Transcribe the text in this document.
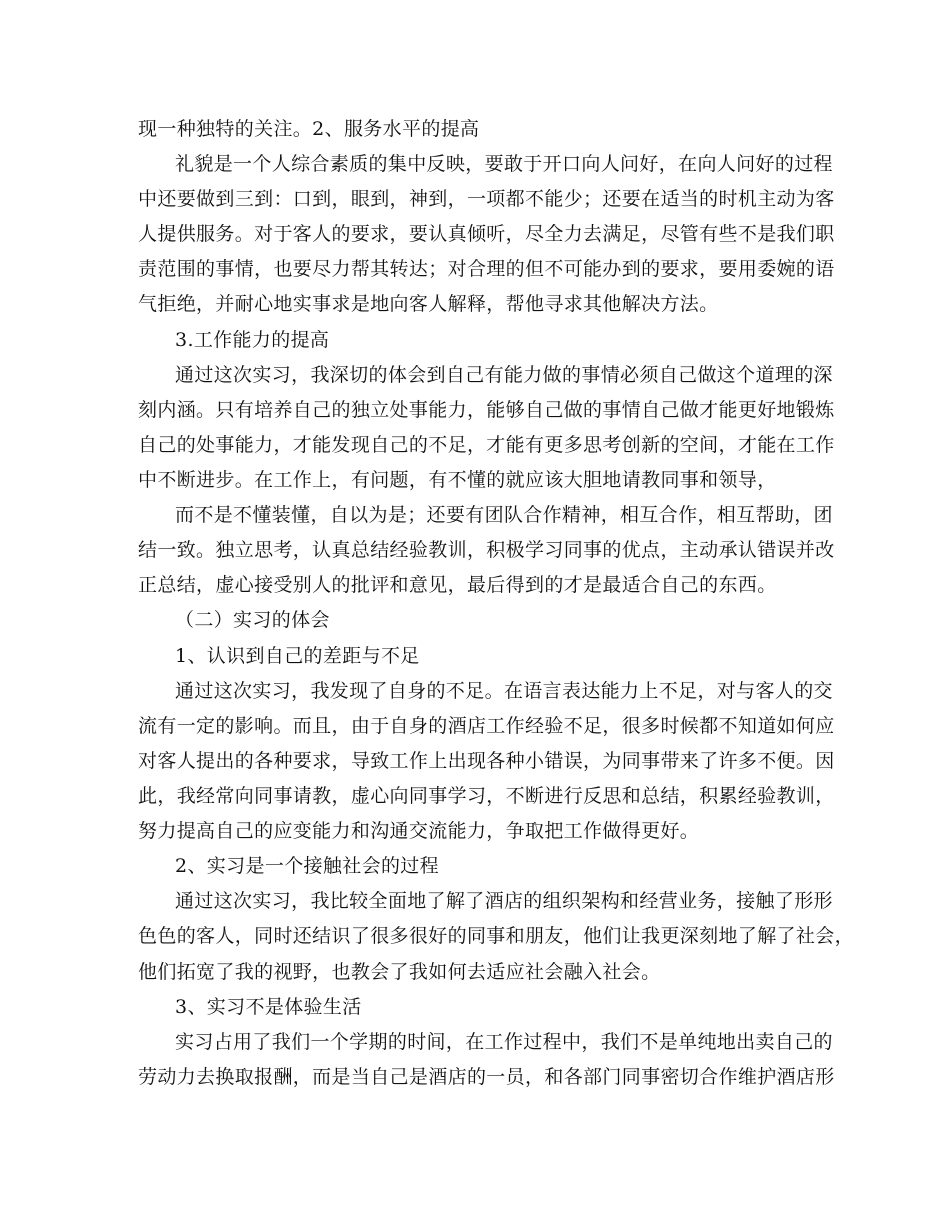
现一种独特的关注。2、服务水平的提高
礼貌是一个人综合素质的集中反映，要敢于开口向人问好，在向人问好的过程
中还要做到三到：口到，眼到，神到，一项都不能少；还要在适当的时机主动为客
人提供服务。对于客人的要求，要认真倾听，尽全力去满足，尽管有些不是我们职
责范围的事情，也要尽力帮其转达；对合理的但不可能办到的要求，要用委婉的语
气拒绝，并耐心地实事求是地向客人解释，帮他寻求其他解决方法。
3.工作能力的提高
通过这次实习，我深切的体会到自己有能力做的事情必须自己做这个道理的深
刻内涵。只有培养自己的独立处事能力，能够自己做的事情自己做才能更好地锻炼
自己的处事能力，才能发现自己的不足，才能有更多思考创新的空间，才能在工作
中不断进步。在工作上，有问题，有不懂的就应该大胆地请教同事和领导，
而不是不懂装懂，自以为是；还要有团队合作精神，相互合作，相互帮助，团
结一致。独立思考，认真总结经验教训，积极学习同事的优点，主动承认错误并改
正总结，虚心接受别人的批评和意见，最后得到的才是最适合自己的东西。
（二）实习的体会
1、认识到自己的差距与不足
通过这次实习，我发现了自身的不足。在语言表达能力上不足，对与客人的交
流有一定的影响。而且，由于自身的酒店工作经验不足，很多时候都不知道如何应
对客人提出的各种要求，导致工作上出现各种小错误，为同事带来了许多不便。因
此，我经常向同事请教，虚心向同事学习，不断进行反思和总结，积累经验教训，
努力提高自己的应变能力和沟通交流能力，争取把工作做得更好。
2、实习是一个接触社会的过程
通过这次实习，我比较全面地了解了酒店的组织架构和经营业务，接触了形形
色色的客人，同时还结识了很多很好的同事和朋友，他们让我更深刻地了解了社会，
他们拓宽了我的视野，也教会了我如何去适应社会融入社会。
3、实习不是体验生活
实习占用了我们一个学期的时间，在工作过程中，我们不是单纯地出卖自己的
劳动力去换取报酬，而是当自己是酒店的一员，和各部门同事密切合作维护酒店形
